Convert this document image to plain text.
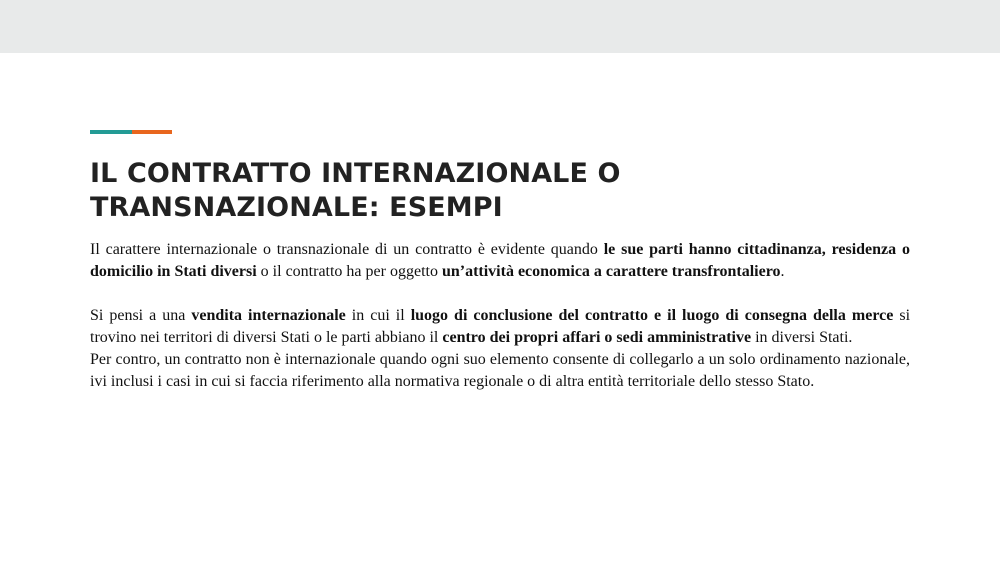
IL CONTRATTO INTERNAZIONALE O
TRANSNAZIONALE: ESEMPI

Il carattere internazionale o transnazionale di un contratto è evidente quando le sue parti hanno cittadinanza, residenza o domicilio in Stati diversi o il contratto ha per oggetto un’attività economica a carattere transfrontaliero.

Si pensi a una vendita internazionale in cui il luogo di conclusione del contratto e il luogo di consegna della merce si trovino nei territori di diversi Stati o le parti abbiano il centro dei propri affari o sedi amministrative in diversi Stati.

Per contro, un contratto non è internazionale quando ogni suo elemento consente di collegarlo a un solo ordinamento nazionale, ivi inclusi i casi in cui si faccia riferimento alla normativa regionale o di altra entità territoriale dello stesso Stato.
